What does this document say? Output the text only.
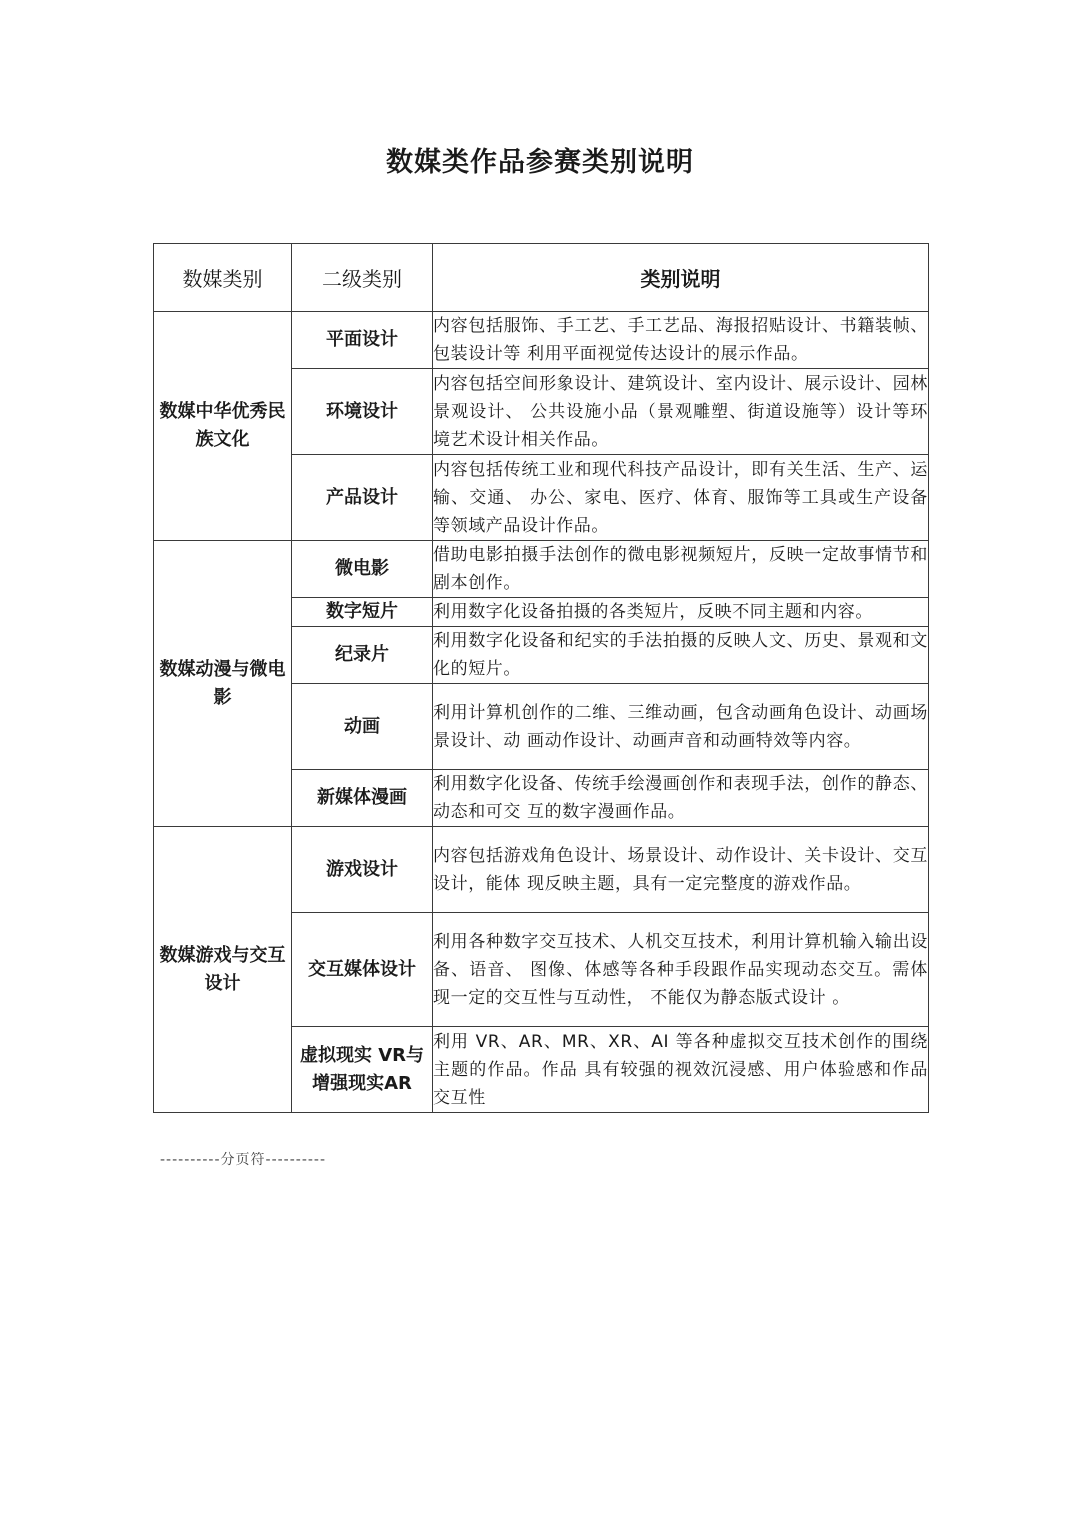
数媒类作品参赛类别说明
数媒类别	二级类别	类别说明
数媒中华优秀民族文化	平面设计	内容包括服饰、手工艺、手工艺品、海报招贴设计、书籍装帧、包装设计等 利用平面视觉传达设计的展示作品。
	环境设计	内容包括空间形象设计、建筑设计、室内设计、展示设计、园林景观设计、 公共设施小品（景观雕塑、街道设施等）设计等环境艺术设计相关作品。
	产品设计	内容包括传统工业和现代科技产品设计，即有关生活、生产、运输、交通、 办公、家电、医疗、体育、服饰等工具或生产设备等领域产品设计作品。
数媒动漫与微电影	微电影	借助电影拍摄手法创作的微电影视频短片，反映一定故事情节和剧本创作。
	数字短片	利用数字化设备拍摄的各类短片，反映不同主题和内容。
	纪录片	利用数字化设备和纪实的手法拍摄的反映人文、历史、景观和文化的短片。
	动画	利用计算机创作的二维、三维动画，包含动画角色设计、动画场景设计、动 画动作设计、动画声音和动画特效等内容。
	新媒体漫画	利用数字化设备、传统手绘漫画创作和表现手法，创作的静态、动态和可交 互的数字漫画作品。
数媒游戏与交互设计	游戏设计	内容包括游戏角色设计、场景设计、动作设计、关卡设计、交互设计，能体 现反映主题，具有一定完整度的游戏作品。
	交互媒体设计	利用各种数字交互技术、人机交互技术，利用计算机输入输出设备、语音、 图像、体感等各种手段跟作品实现动态交互。需体现一定的交互性与互动性， 不能仅为静态版式设计 。
	虚拟现实 VR与增强现实AR	利用 VR、AR、MR、XR、AI 等各种虚拟交互技术创作的围绕主题的作品。作品 具有较强的视效沉浸感、用户体验感和作品交互性
----------分页符----------
